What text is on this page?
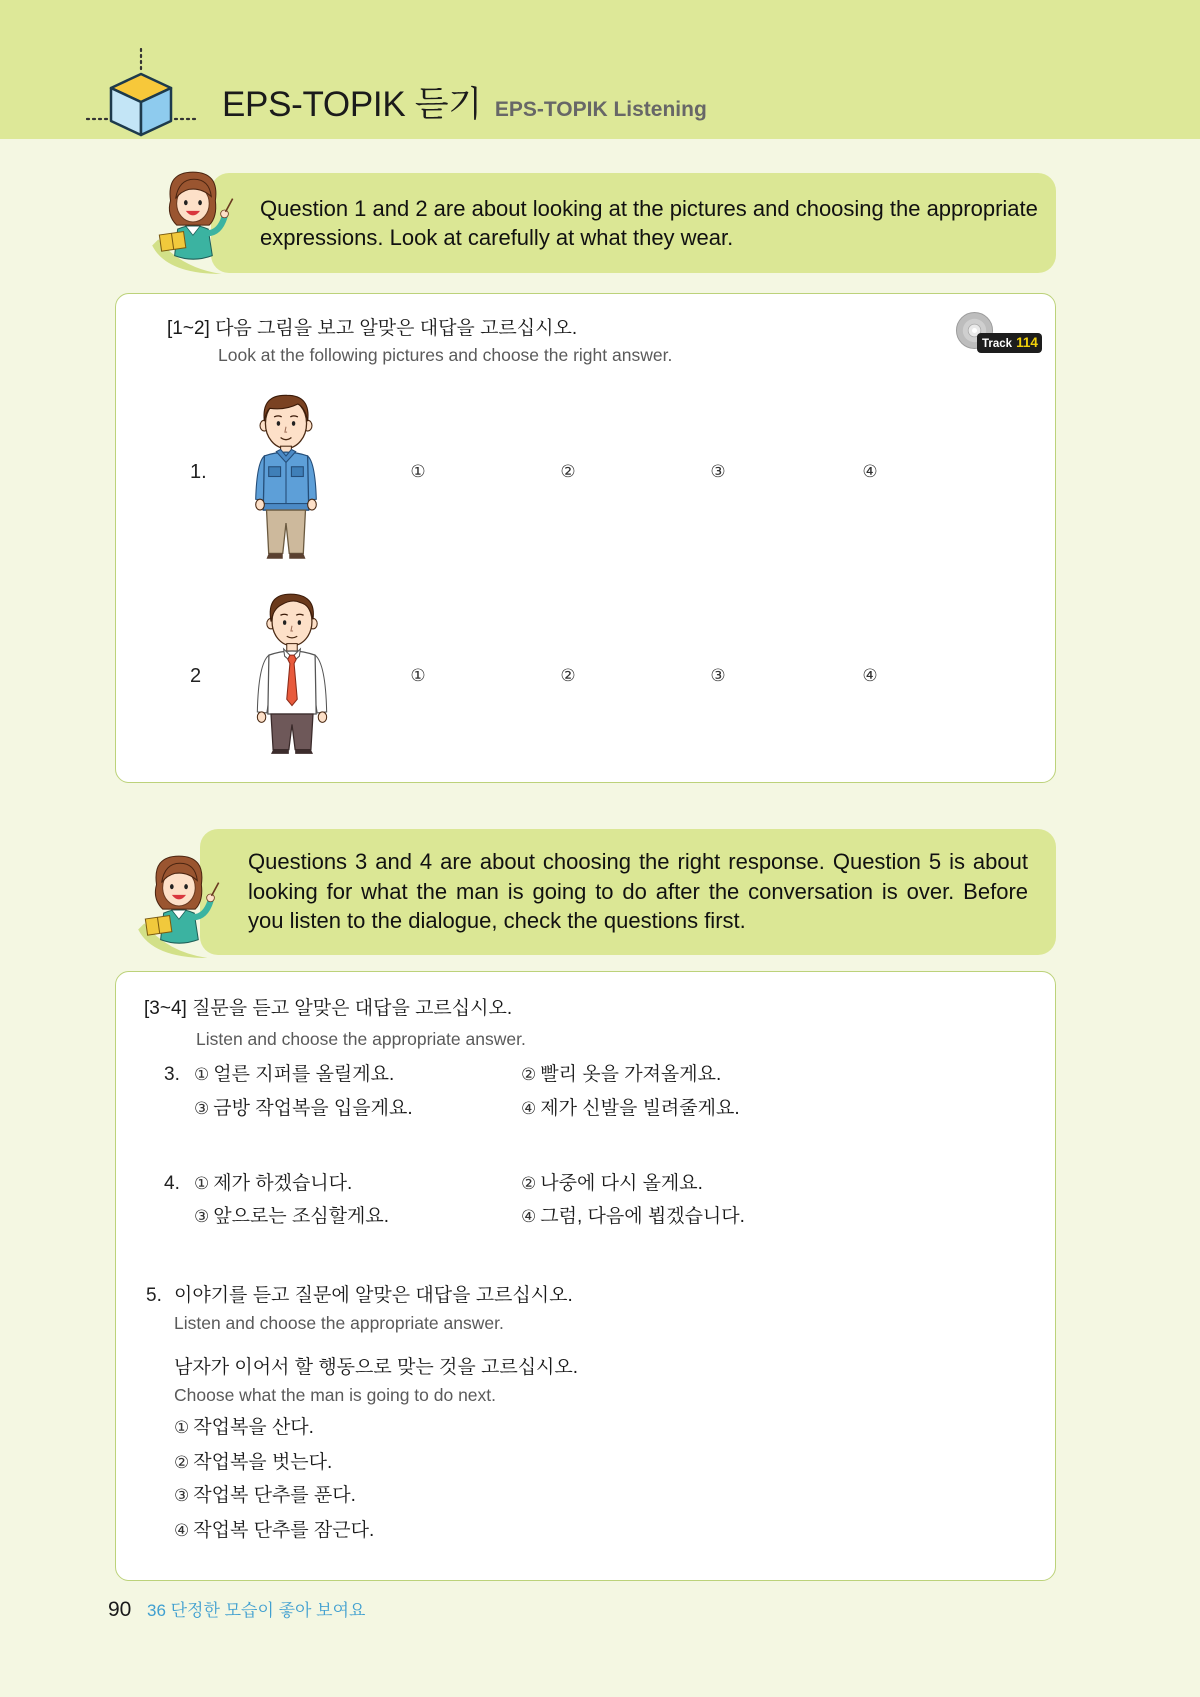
EPS-TOPIK 듣기 EPS-TOPIK Listening
Question 1 and 2 are about looking at the pictures and choosing the appropriate
expressions. Look at carefully at what they wear.
[1~2] 다음 그림을 보고 알맞은 대답을 고르십시오.
Look at the following pictures and choose the right answer.
Track 114
1.	①	②	③	④
2	①	②	③	④
Questions 3 and 4 are about choosing the right response. Question 5 is about
looking for what the man is going to do after the conversation is over. Before
you listen to the dialogue, check the questions first.
[3~4] 질문을 듣고 알맞은 대답을 고르십시오.
Listen and choose the appropriate answer.
3. ① 얼른 지퍼를 올릴게요.	② 빨리 옷을 가져올게요.
③ 금방 작업복을 입을게요.	④ 제가 신발을 빌려줄게요.
4. ① 제가 하겠습니다.	② 나중에 다시 올게요.
③ 앞으로는 조심할게요.	④ 그럼, 다음에 뵙겠습니다.
5. 이야기를 듣고 질문에 알맞은 대답을 고르십시오.
Listen and choose the appropriate answer.
남자가 이어서 할 행동으로 맞는 것을 고르십시오.
Choose what the man is going to do next.
① 작업복을 산다.
② 작업복을 벗는다.
③ 작업복 단추를 푼다.
④ 작업복 단추를 잠근다.
90 36 단정한 모습이 좋아 보여요
